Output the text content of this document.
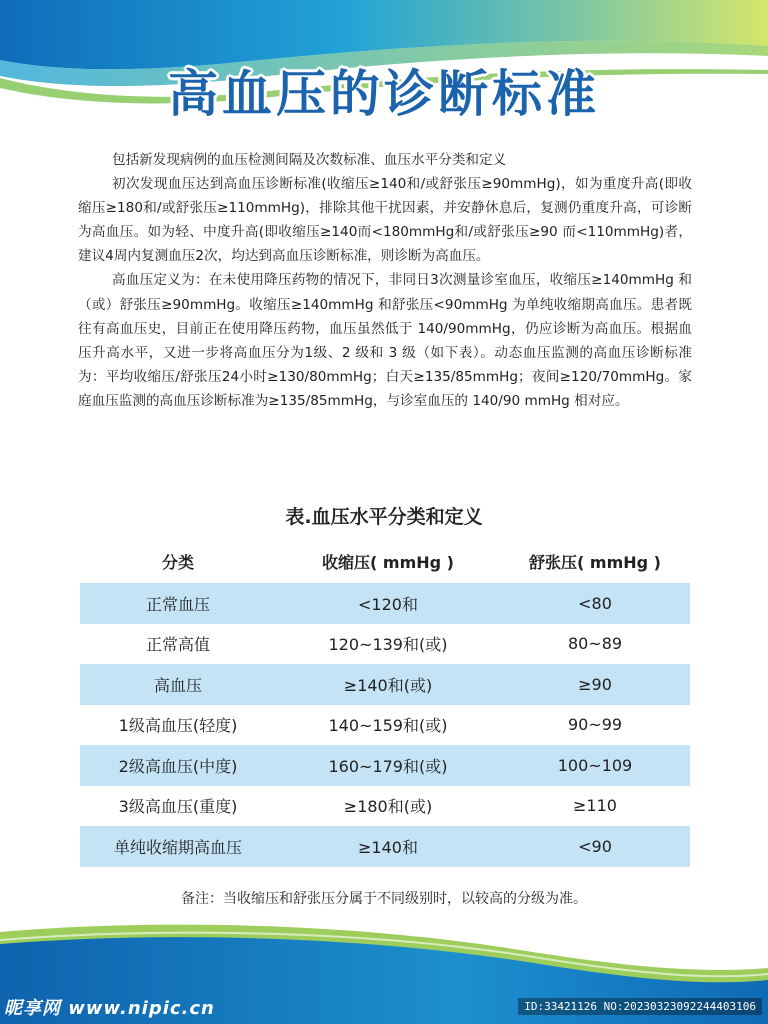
高血压的诊断标准

包括新发现病例的血压检测间隔及次数标准、血压水平分类和定义

初次发现血压达到高血压诊断标准(收缩压≥140和/或舒张压≥90mmHg)，如为重度升高(即收缩压≥180和/或舒张压≥110mmHg)，排除其他干扰因素，并安静休息后，复测仍重度升高，可诊断为高血压。如为轻、中度升高(即收缩压≥140而<180mmHg和/或舒张压≥90 而<110mmHg)者，建议4周内复测血压2次，均达到高血压诊断标准，则诊断为高血压。

高血压定义为：在未使用降压药物的情况下，非同日3次测量诊室血压，收缩压≥140mmHg 和（或）舒张压≥90mmHg。收缩压≥140mmHg 和舒张压<90mmHg 为单纯收缩期高血压。患者既往有高血压史，目前正在使用降压药物，血压虽然低于 140/90mmHg，仍应诊断为高血压。根据血压升高水平，又进一步将高血压分为1级、2 级和 3 级（如下表）。动态血压监测的高血压诊断标准为：平均收缩压/舒张压24小时≥130/80mmHg；白天≥135/85mmHg；夜间≥120/70mmHg。家庭血压监测的高血压诊断标准为≥135/85mmHg，与诊室血压的 140/90 mmHg 相对应。

表.血压水平分类和定义
分类	收缩压( mmHg )	舒张压( mmHg )
正常血压	<120和	<80
正常高值	120~139和(或)	80~89
高血压	≥140和(或)	≥90
1级高血压(轻度)	140~159和(或)	90~99
2级高血压(中度)	160~179和(或)	100~109
3级高血压(重度)	≥180和(或)	≥110
单纯收缩期高血压	≥140和	<90
备注：当收缩压和舒张压分属于不同级别时，以较高的分级为准。
昵享网 www.nipic.cn	ID:33421126 NO:20230323092244403106
